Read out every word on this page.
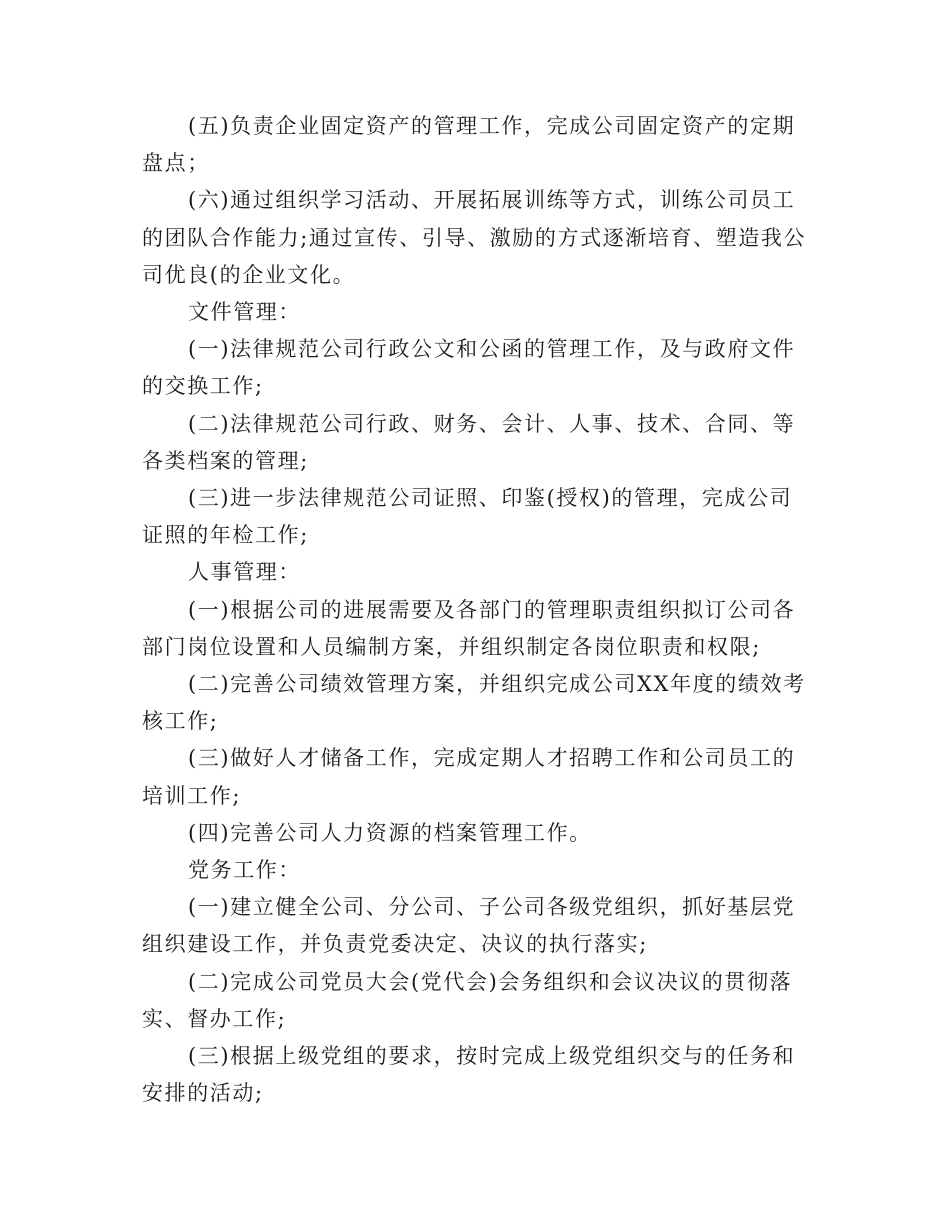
(五)负责企业固定资产的管理工作，完成公司固定资产的定期盘点；

(六)通过组织学习活动、开展拓展训练等方式，训练公司员工的团队合作能力;通过宣传、引导、激励的方式逐渐培育、塑造我公司优良(的企业文化。

文件管理：

(一)法律规范公司行政公文和公函的管理工作，及与政府文件的交换工作;

(二)法律规范公司行政、财务、会计、人事、技术、合同、等各类档案的管理;

(三)进一步法律规范公司证照、印鉴(授权)的管理，完成公司证照的年检工作;

人事管理：

(一)根据公司的进展需要及各部门的管理职责组织拟订公司各部门岗位设置和人员编制方案，并组织制定各岗位职责和权限;

(二)完善公司绩效管理方案，并组织完成公司XX年度的绩效考核工作;

(三)做好人才储备工作，完成定期人才招聘工作和公司员工的培训工作;

(四)完善公司人力资源的档案管理工作。

党务工作：

(一)建立健全公司、分公司、子公司各级党组织，抓好基层党组织建设工作，并负责党委决定、决议的执行落实;

(二)完成公司党员大会(党代会)会务组织和会议决议的贯彻落实、督办工作;

(三)根据上级党组的要求，按时完成上级党组织交与的任务和安排的活动;
